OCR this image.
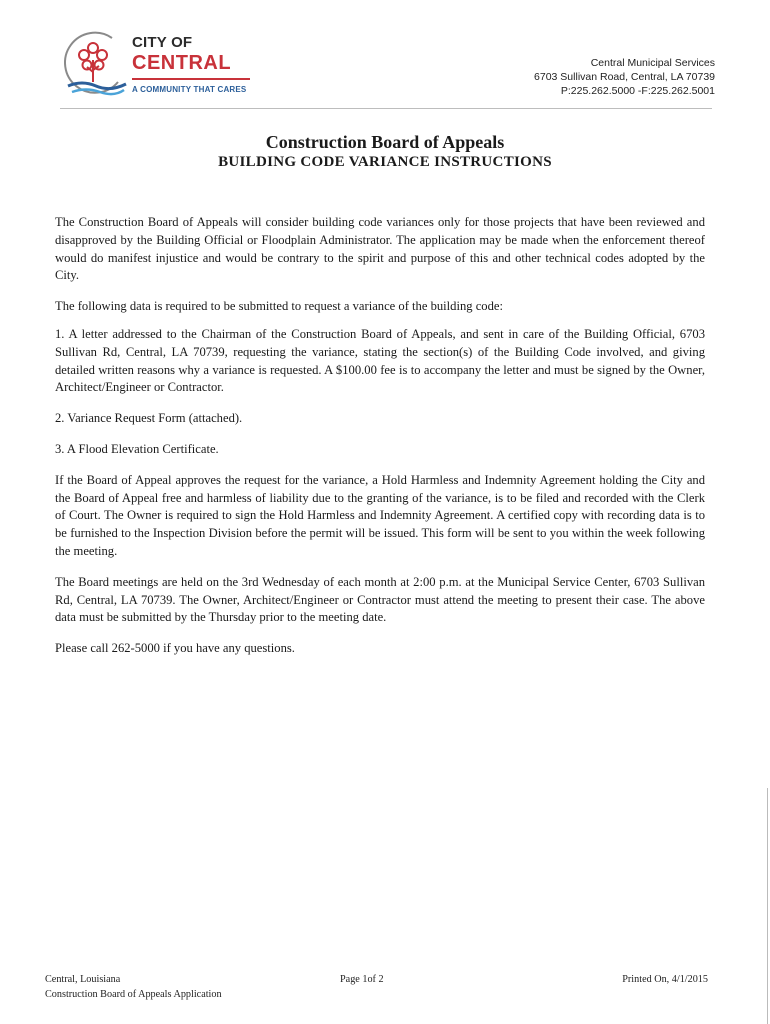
CITY OF
CENTRAL
A COMMUNITY THAT CARES
Central Municipal Services
6703 Sullivan Road, Central, LA 70739
P:225.262.5000 -F:225.262.5001
Construction Board of Appeals
BUILDING CODE VARIANCE INSTRUCTIONS

The Construction Board of Appeals will consider building code variances only for those projects that have been reviewed and disapproved by the Building Official or Floodplain Administrator. The application may be made when the enforcement thereof would do manifest injustice and would be contrary to the spirit and purpose of this and other technical codes adopted by the City.

The following data is required to be submitted to request a variance of the building code:

1. A letter addressed to the Chairman of the Construction Board of Appeals, and sent in care of the Building Official, 6703 Sullivan Rd, Central, LA 70739, requesting the variance, stating the section(s) of the Building Code involved, and giving detailed written reasons why a variance is requested. A $100.00 fee is to accompany the letter and must be signed by the Owner, Architect/Engineer or Contractor.

2. Variance Request Form (attached).

3. A Flood Elevation Certificate.

If the Board of Appeal approves the request for the variance, a Hold Harmless and Indemnity Agreement holding the City and the Board of Appeal free and harmless of liability due to the granting of the variance, is to be filed and recorded with the Clerk of Court. The Owner is required to sign the Hold Harmless and Indemnity Agreement. A certified copy with recording data is to be furnished to the Inspection Division before the permit will be issued. This form will be sent to you within the week following the meeting.

The Board meetings are held on the 3rd Wednesday of each month at 2:00 p.m. at the Municipal Service Center, 6703 Sullivan Rd, Central, LA 70739. The Owner, Architect/Engineer or Contractor must attend the meeting to present their case. The above data must be submitted by the Thursday prior to the meeting date.

Please call 262-5000 if you have any questions.

Central, Louisiana
Construction Board of Appeals Application
Page 1of 2	Printed On, 4/1/2015
